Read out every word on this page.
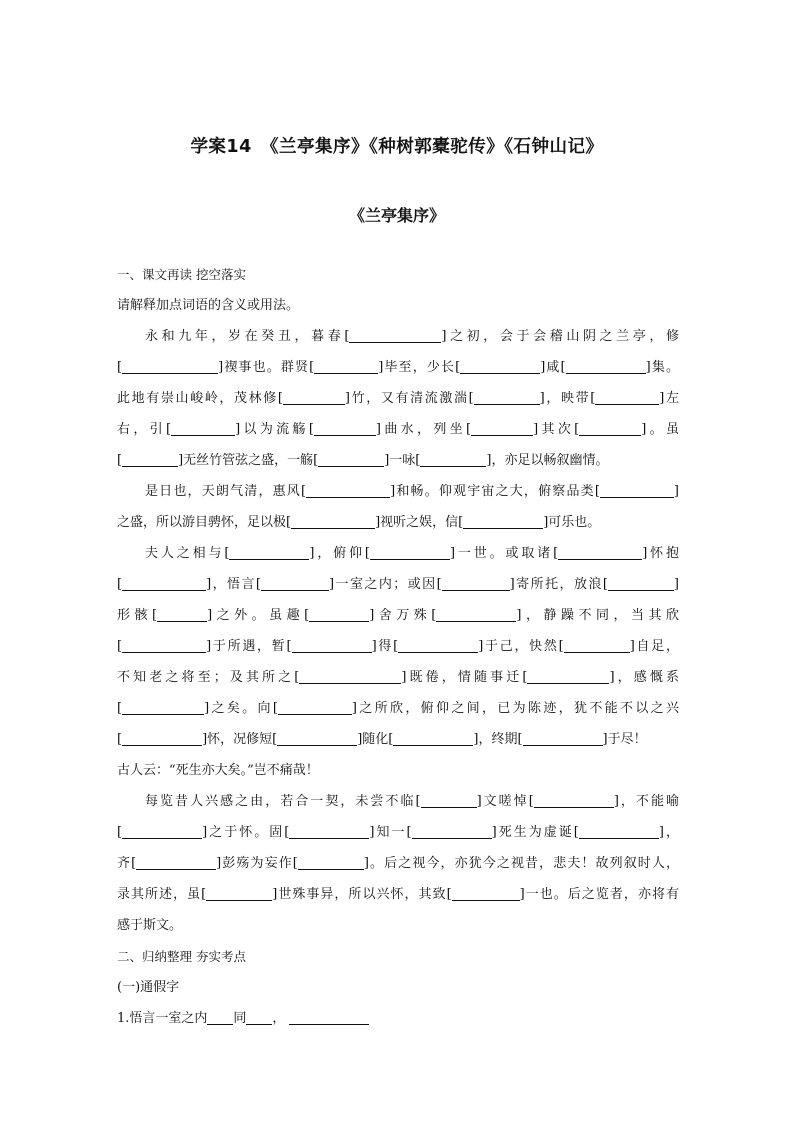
学案14　《兰亭集序》《种树郭橐驼传》《石钟山记》
《兰亭集序》
一、课文再读 挖空落实
请解释加点词语的含义或用法。
永和九年，岁在癸丑，暮春[	]之初，会于会稽山阴之兰亭，修
[	]禊事也。群贤[	]毕至，少长[	]咸[	]集。
此地有崇山峻岭，茂林修[	]竹，又有清流激湍[	]，映带[	]左
右，引[	]以为流觞[	]曲水，列坐[	]其次[	]。虽
[	]无丝竹管弦之盛，一觞[	]一咏[	]，亦足以畅叙幽情。
是日也，天朗气清，惠风[	]和畅。仰观宇宙之大，俯察品类[	]
之盛，所以游目骋怀，足以极[	]视听之娱，信[	]可乐也。
夫人之相与[	]，俯仰[	]一世。或取诸[	]怀抱
[	]，悟言[	]一室之内；或因[	]寄所托，放浪[	]
形骸[	]之外。虽趣[	]舍万殊[	]，静躁不同，当其欣
[	]于所遇，暂[	]得[	]于己，快然[	]自足，
不知老之将至；及其所之[	]既倦，情随事迁[	]，感慨系
[	]之矣。向[	]之所欣，俯仰之间，已为陈迹，犹不能不以之兴
[	]怀，况修短[	]随化[	]，终期[	]于尽！
古人云：“死生亦大矣。”岂不痛哉！
每览昔人兴感之由，若合一契，未尝不临[	]文嗟悼[	]，不能喻
[	]之于怀。固[	]知一[	]死生为虚诞[	]，
齐[	]彭殇为妄作[	]。后之视今，亦犹今之视昔，悲夫！故列叙时人，
录其所述，虽[	]世殊事异，所以兴怀，其致[	]一也。后之览者，亦将有
感于斯文。
二、归纳整理 夯实考点
(一)通假字
1.悟言一室之内 同 ，
